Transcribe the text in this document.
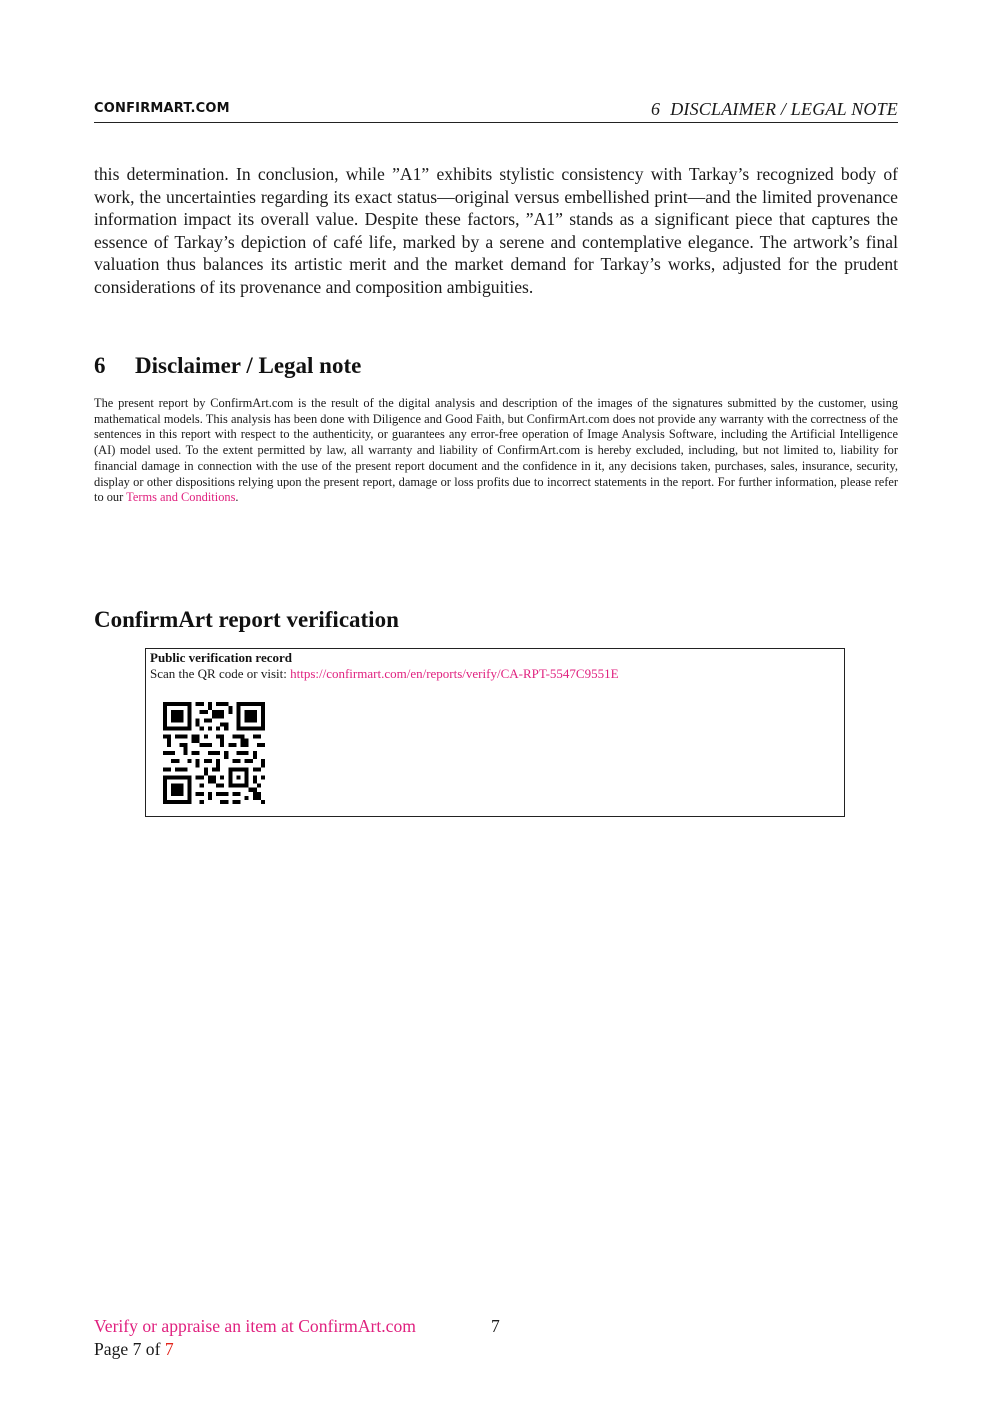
CONFIRMART.COM	6 DISCLAIMER / LEGAL NOTE

this determination. In conclusion, while ”A1” exhibits stylistic consistency with Tarkay’s recognized body of work, the uncertainties regarding its exact status—original versus embellished print—and the limited provenance information impact its overall value. Despite these factors, ”A1” stands as a significant piece that captures the essence of Tarkay’s depiction of café life, marked by a serene and contemplative elegance. The artwork’s final valuation thus balances its artistic merit and the market demand for Tarkay’s works, adjusted for the prudent considerations of its provenance and composition ambiguities.

6 Disclaimer / Legal note

The present report by ConfirmArt.com is the result of the digital analysis and description of the images of the signatures submitted by the customer, using mathematical models. This analysis has been done with Diligence and Good Faith, but ConfirmArt.com does not provide any warranty with the correctness of the sentences in this report with respect to the authenticity, or guarantees any error-free operation of Image Analysis Software, including the Artificial Intelligence (AI) model used. To the extent permitted by law, all warranty and liability of ConfirmArt.com is hereby excluded, including, but not limited to, liability for financial damage in connection with the use of the present report document and the confidence in it, any decisions taken, purchases, sales, insurance, security, display or other dispositions relying upon the present report, damage or loss profits due to incorrect statements in the report. For further information, please refer to our Terms and Conditions.

ConfirmArt report verification
Public verification record
Scan the QR code or visit: https://confirmart.com/en/reports/verify/CA-RPT-5547C9551E
Verify or appraise an item at ConfirmArt.com	7
Page 7 of 7
